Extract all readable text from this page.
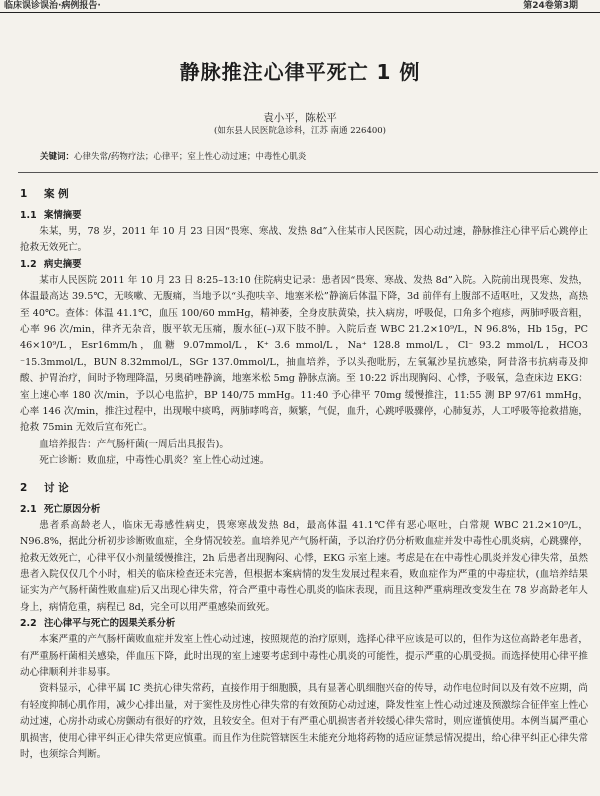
临床误诊误治·病例报告·	第24卷第3期
静脉推注心律平死亡 1 例
袁小平，陈松平
(如东县人民医院急诊科，江苏 南通 226400)
关键词：心律失常/药物疗法；心律平；室上性心动过速；中毒性心肌炎
1 案 例
1.1 案情摘要

朱某，男，78 岁，2011 年 10 月 23 日因“畏寒、寒战、发热 8d”入住某市人民医院，因心动过速，静脉推注心律平后心跳停止抢救无效死亡。

1.2 病史摘要

某市人民医院 2011 年 10 月 23 日 8:25–13:10 住院病史记录：患者因“畏寒、寒战、发热 8d”入院。入院前出现畏寒、发热，体温最高达 39.5℃，无咳嗽、无腹痛，当地予以“头孢呋辛、地塞米松”静滴后体温下降，3d 前伴有上腹部不适呕吐，又发热，高热至 40℃。查体：体温 41.1℃，血压 100/60 mmHg，精神萎，全身皮肤黄染，扶入病房，呼吸促，口角多个疱疹，两肺呼吸音粗，心率 96 次/min，律齐无杂音，腹平软无压痛，腹水征(–)双下肢不肿。入院后查 WBC 21.2×10⁹/L，N 96.8%，Hb 15g，PC 46×10⁹/L，Esr16mm/h，血糖 9.07mmol/L，K⁺ 3.6 mmol/L，Na⁺ 128.8 mmol/L，Cl⁻ 93.2 mmol/L，HCO3 ⁻15.3mmol/L，BUN 8.32mmol/L，SGr 137.0mmol/L，抽血培养，予以头孢吡肟，左氧氟沙星抗感染，阿昔洛韦抗病毒及抑酸、护胃治疗，间时予物理降温，另奥硝唑静滴，地塞米松 5mg 静脉点滴。至 10:22 诉出现胸闷、心悸，予吸氧，急查床边 EKG：室上速心率 180 次/min，予以心电监护，BP 140/75 mmHg。11:40 予心律平 70mg 缓慢推注，11:55 测 BP 97/61 mmHg，心率 146 次/min，推注过程中，出现喉中痰鸣，两肺哮鸣音，频繁，气促，血升，心跳呼吸骤停，心肺复苏，人工呼吸等抢救措施，抢救 75min 无效后宣布死亡。

血培养报告：产气肠杆菌(一周后出具报告)。

死亡诊断：败血症，中毒性心肌炎？室上性心动过速。

2 讨 论
2.1 死亡原因分析

患者系高龄老人，临床无毒感性病史，畏寒寒战发热 8d，最高体温 41.1℃伴有恶心呕吐，白常规 WBC 21.2×10⁹/L，N96.8%，据此分析初步诊断败血症，全身情况较差。血培养见产气肠杆菌，予以治疗仍分析败血症并发中毒性心肌炎病，心跳骤停，抢救无效死亡，心律平仅小剂量缓慢推注，2h 后患者出现胸闷、心悸，EKG 示室上速。考虑是在在中毒性心肌炎并发心律失常，虽然患者入院仅仅几个小时，相关的临床检查还未完善，但根据本案病情的发生发展过程来看，败血症作为严重的中毒症状，(血培养结果证实为产气肠杆菌性败血症)后又出现心律失常，符合严重中毒性心肌炎的临床表现，而且这种严重病理改变发生在 78 岁高龄老年人身上，病情危重，病程已 8d，完全可以用严重感染而致死。

2.2 注心律平与死亡的因果关系分析

本案严重的产气肠杆菌败血症并发室上性心动过速，按照规范的治疗原则，选择心律平应该是可以的，但作为这位高龄老年患者，有严重肠杆菌相关感染，伴血压下降，此时出现的室上速要考虑到中毒性心肌炎的可能性，提示严重的心肌受损。而选择使用心律平推动心律顺利并非易事。

资料显示，心律平属 IC 类抗心律失常药，直接作用于细胞膜，具有显著心肌细胞兴奋的传导，动作电位时间以及有效不应期，尚有轻度抑制心肌作用，减少心排出量，对于窦性及房性心律失常的有效预防心动过速，降发性室上性心动过速及预激综合征伴室上性心动过速，心房扑动或心房颤动有很好的疗效，且较安全。但对于有严重心肌损害者并较缓心律失常时，则应谨慎使用。本例当属严重心肌损害，使用心律平纠正心律失常更应慎重。而且作为住院管辖医生未能充分地将药物的适应证禁忌情况提出，给心律平纠正心律失常时，也须综合判断。
